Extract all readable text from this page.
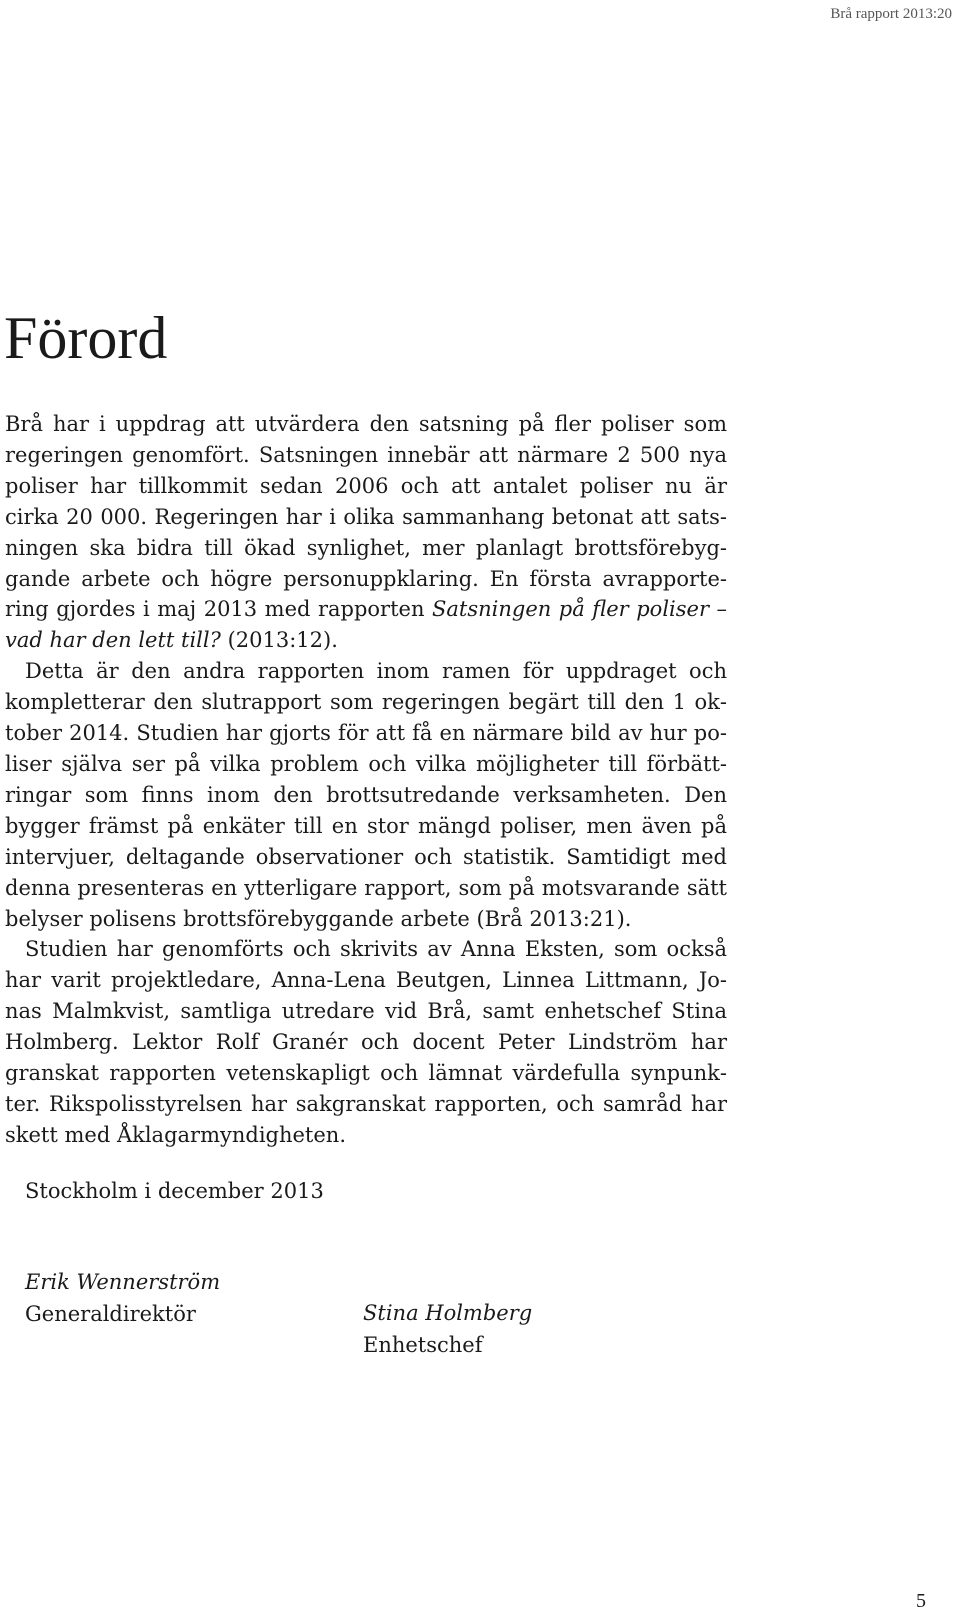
Brå rapport 2013:20
Förord

Brå har i uppdrag att utvärdera den satsning på fler poliser som regeringen genomfört. Satsningen innebär att närmare 2 500 nya poliser har tillkommit sedan 2006 och att antalet poliser nu är cirka 20 000. Regeringen har i olika sammanhang betonat att satsningen ska bidra till ökad synlighet, mer planlagt brottsförebyggande arbete och högre personuppklaring. En första avrapportering gjordes i maj 2013 med rapporten Satsningen på fler poliser – vad har den lett till? (2013:12).

Detta är den andra rapporten inom ramen för uppdraget och kompletterar den slutrapport som regeringen begärt till den 1 oktober 2014. Studien har gjorts för att få en närmare bild av hur poliser själva ser på vilka problem och vilka möjligheter till förbättringar som finns inom den brottsutredande verksamheten. Den bygger främst på enkäter till en stor mängd poliser, men även på intervjuer, deltagande observationer och statistik. Samtidigt med denna presenteras en ytterligare rapport, som på motsvarande sätt belyser polisens brottsförebyggande arbete (Brå 2013:21).

Studien har genomförts och skrivits av Anna Eksten, som också har varit projektledare, Anna-Lena Beutgen, Linnea Littmann, Jonas Malmkvist, samtliga utredare vid Brå, samt enhetschef Stina Holmberg. Lektor Rolf Granér och docent Peter Lindström har granskat rapporten vetenskapligt och lämnat värdefulla synpunkter. Rikspolisstyrelsen har sakgranskat rapporten, och samråd har skett med Åklagarmyndigheten.

Stockholm i december 2013
Erik Wennerström
Generaldirektör	Stina Holmberg
Enhetschef
5
